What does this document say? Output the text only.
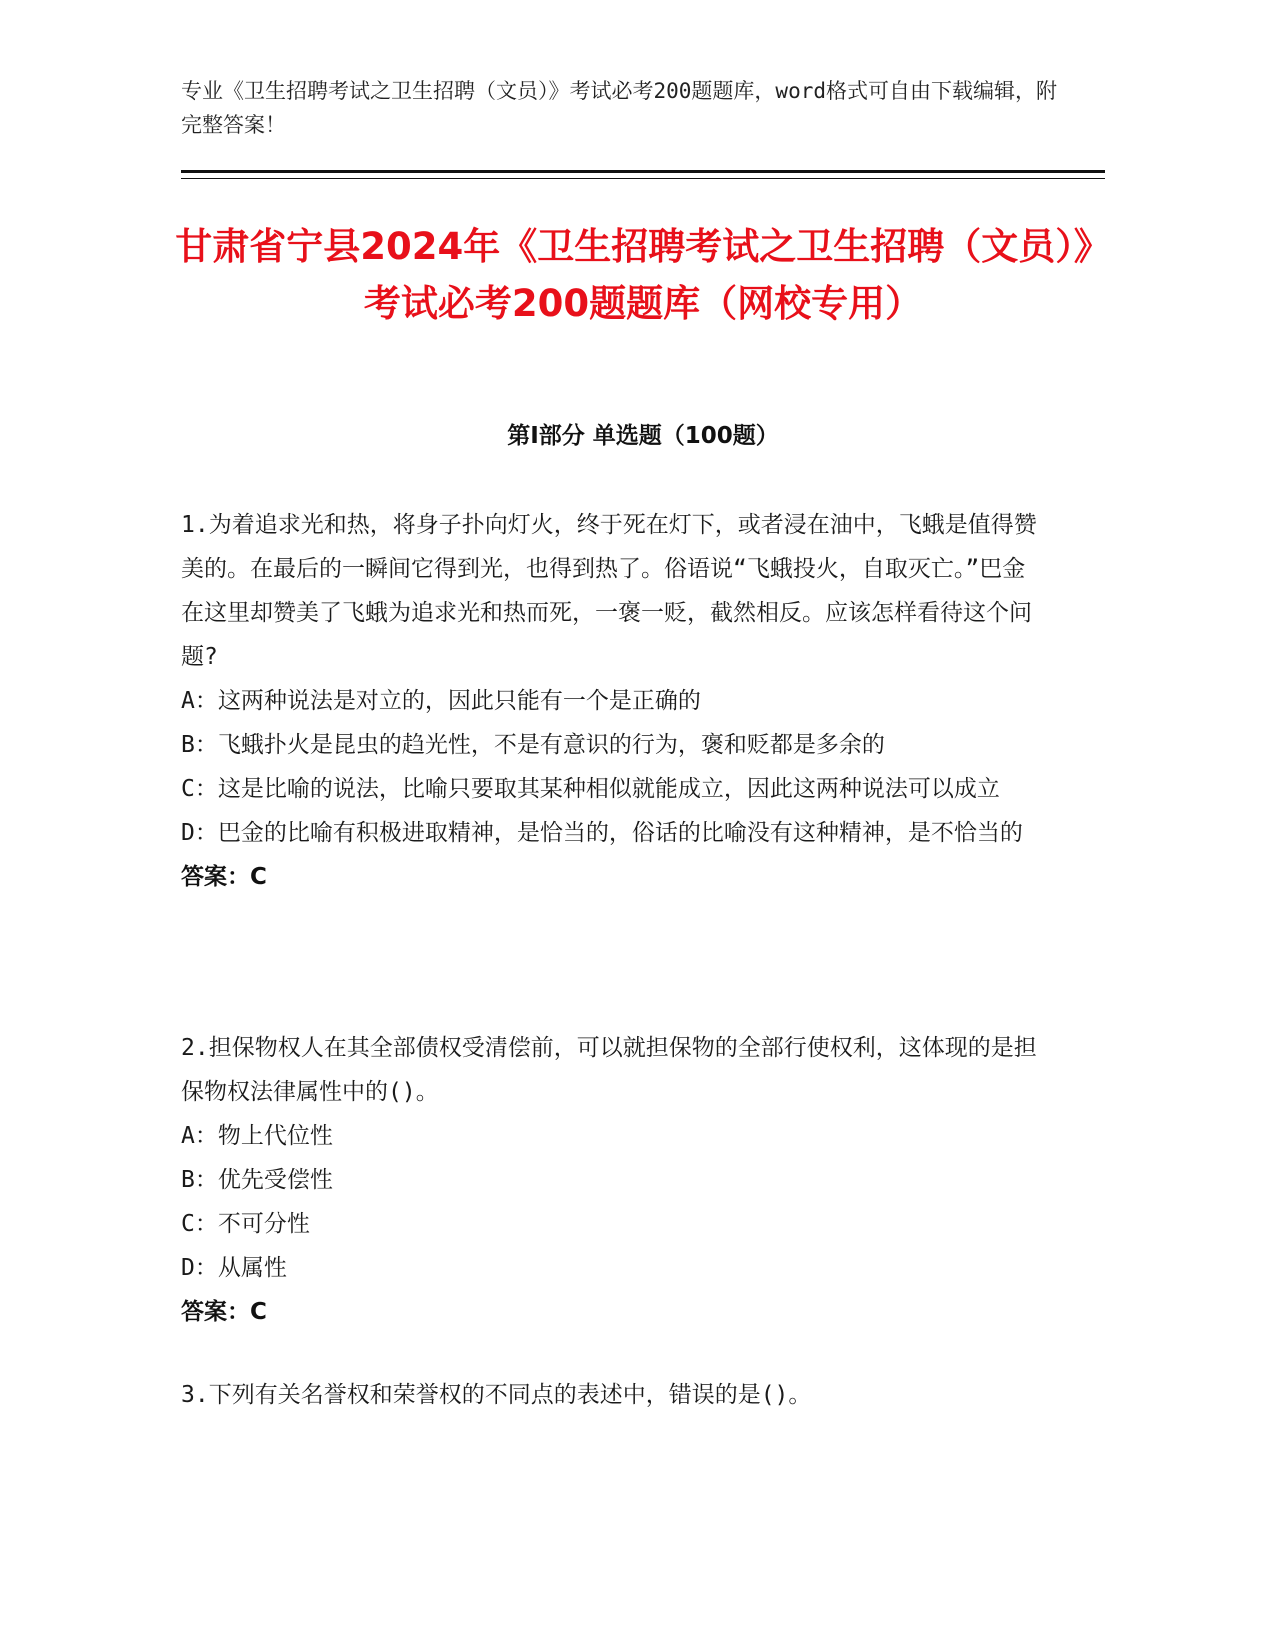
专业《卫生招聘考试之卫生招聘（文员）》考试必考200题题库，word格式可自由下载编辑，附完整答案！
甘肃省宁县2024年《卫生招聘考试之卫生招聘（文员）》考试必考200题题库（网校专用）
第I部分 单选题（100题）
1.为着追求光和热，将身子扑向灯火，终于死在灯下，或者浸在油中，飞蛾是值得赞美的。在最后的一瞬间它得到光，也得到热了。俗语说“飞蛾投火，自取灭亡。”巴金在这里却赞美了飞蛾为追求光和热而死，一褒一贬，截然相反。应该怎样看待这个问题?
A：这两种说法是对立的，因此只能有一个是正确的
B：飞蛾扑火是昆虫的趋光性，不是有意识的行为，褒和贬都是多余的
C：这是比喻的说法，比喻只要取其某种相似就能成立，因此这两种说法可以成立
D：巴金的比喻有积极进取精神，是恰当的，俗话的比喻没有这种精神，是不恰当的
答案：C
2.担保物权人在其全部债权受清偿前，可以就担保物的全部行使权利，这体现的是担保物权法律属性中的()。
A：物上代位性
B：优先受偿性
C：不可分性
D：从属性
答案：C
3.下列有关名誉权和荣誉权的不同点的表述中，错误的是()。
